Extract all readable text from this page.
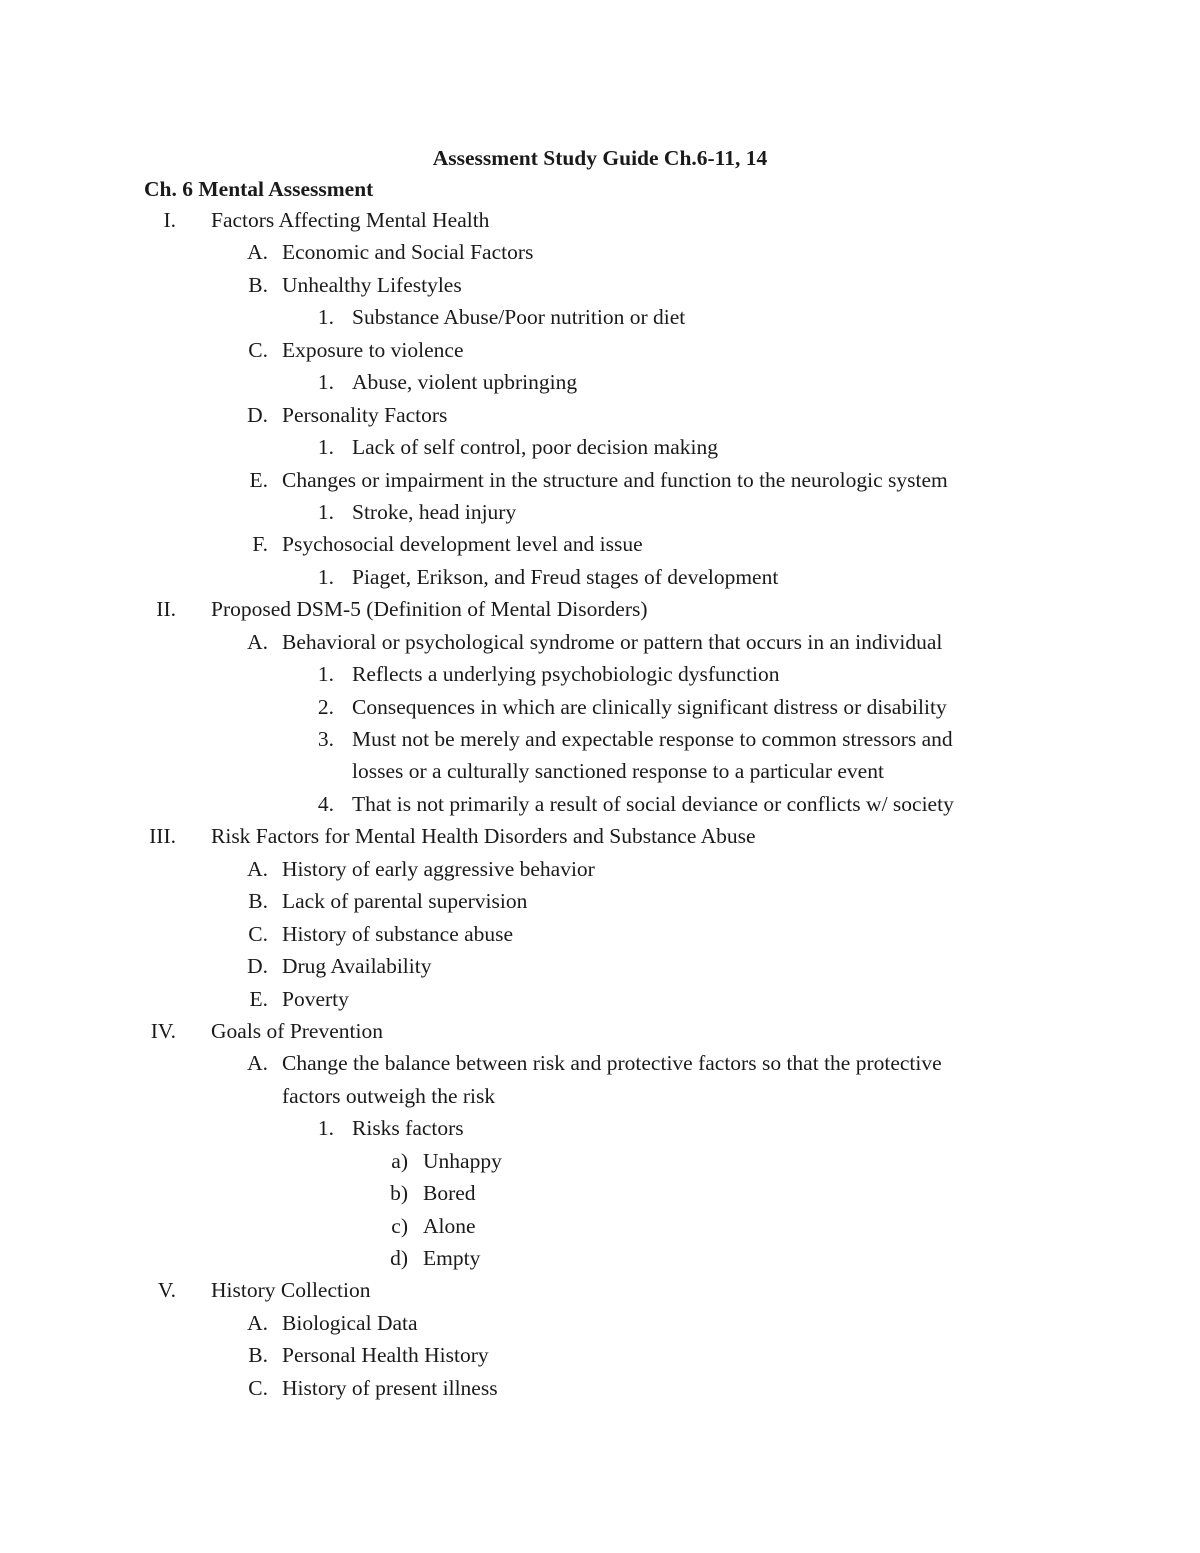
Assessment Study Guide Ch.6-11, 14
Ch. 6 Mental Assessment
I. Factors Affecting Mental Health
A. Economic and Social Factors
B. Unhealthy Lifestyles
1. Substance Abuse/Poor nutrition or diet
C. Exposure to violence
1. Abuse, violent upbringing
D. Personality Factors
1. Lack of self control, poor decision making
E. Changes or impairment in the structure and function to the neurologic system
1. Stroke, head injury
F. Psychosocial development level and issue
1. Piaget, Erikson, and Freud stages of development
II. Proposed DSM-5 (Definition of Mental Disorders)
A. Behavioral or psychological syndrome or pattern that occurs in an individual
1. Reflects a underlying psychobiologic dysfunction
2. Consequences in which are clinically significant distress or disability
3. Must not be merely and expectable response to common stressors and
losses or a culturally sanctioned response to a particular event
4. That is not primarily a result of social deviance or conflicts w/ society
III. Risk Factors for Mental Health Disorders and Substance Abuse
A. History of early aggressive behavior
B. Lack of parental supervision
C. History of substance abuse
D. Drug Availability
E. Poverty
IV. Goals of Prevention
A. Change the balance between risk and protective factors so that the protective
factors outweigh the risk
1. Risks factors
a) Unhappy
b) Bored
c) Alone
d) Empty
V. History Collection
A. Biological Data
B. Personal Health History
C. History of present illness
